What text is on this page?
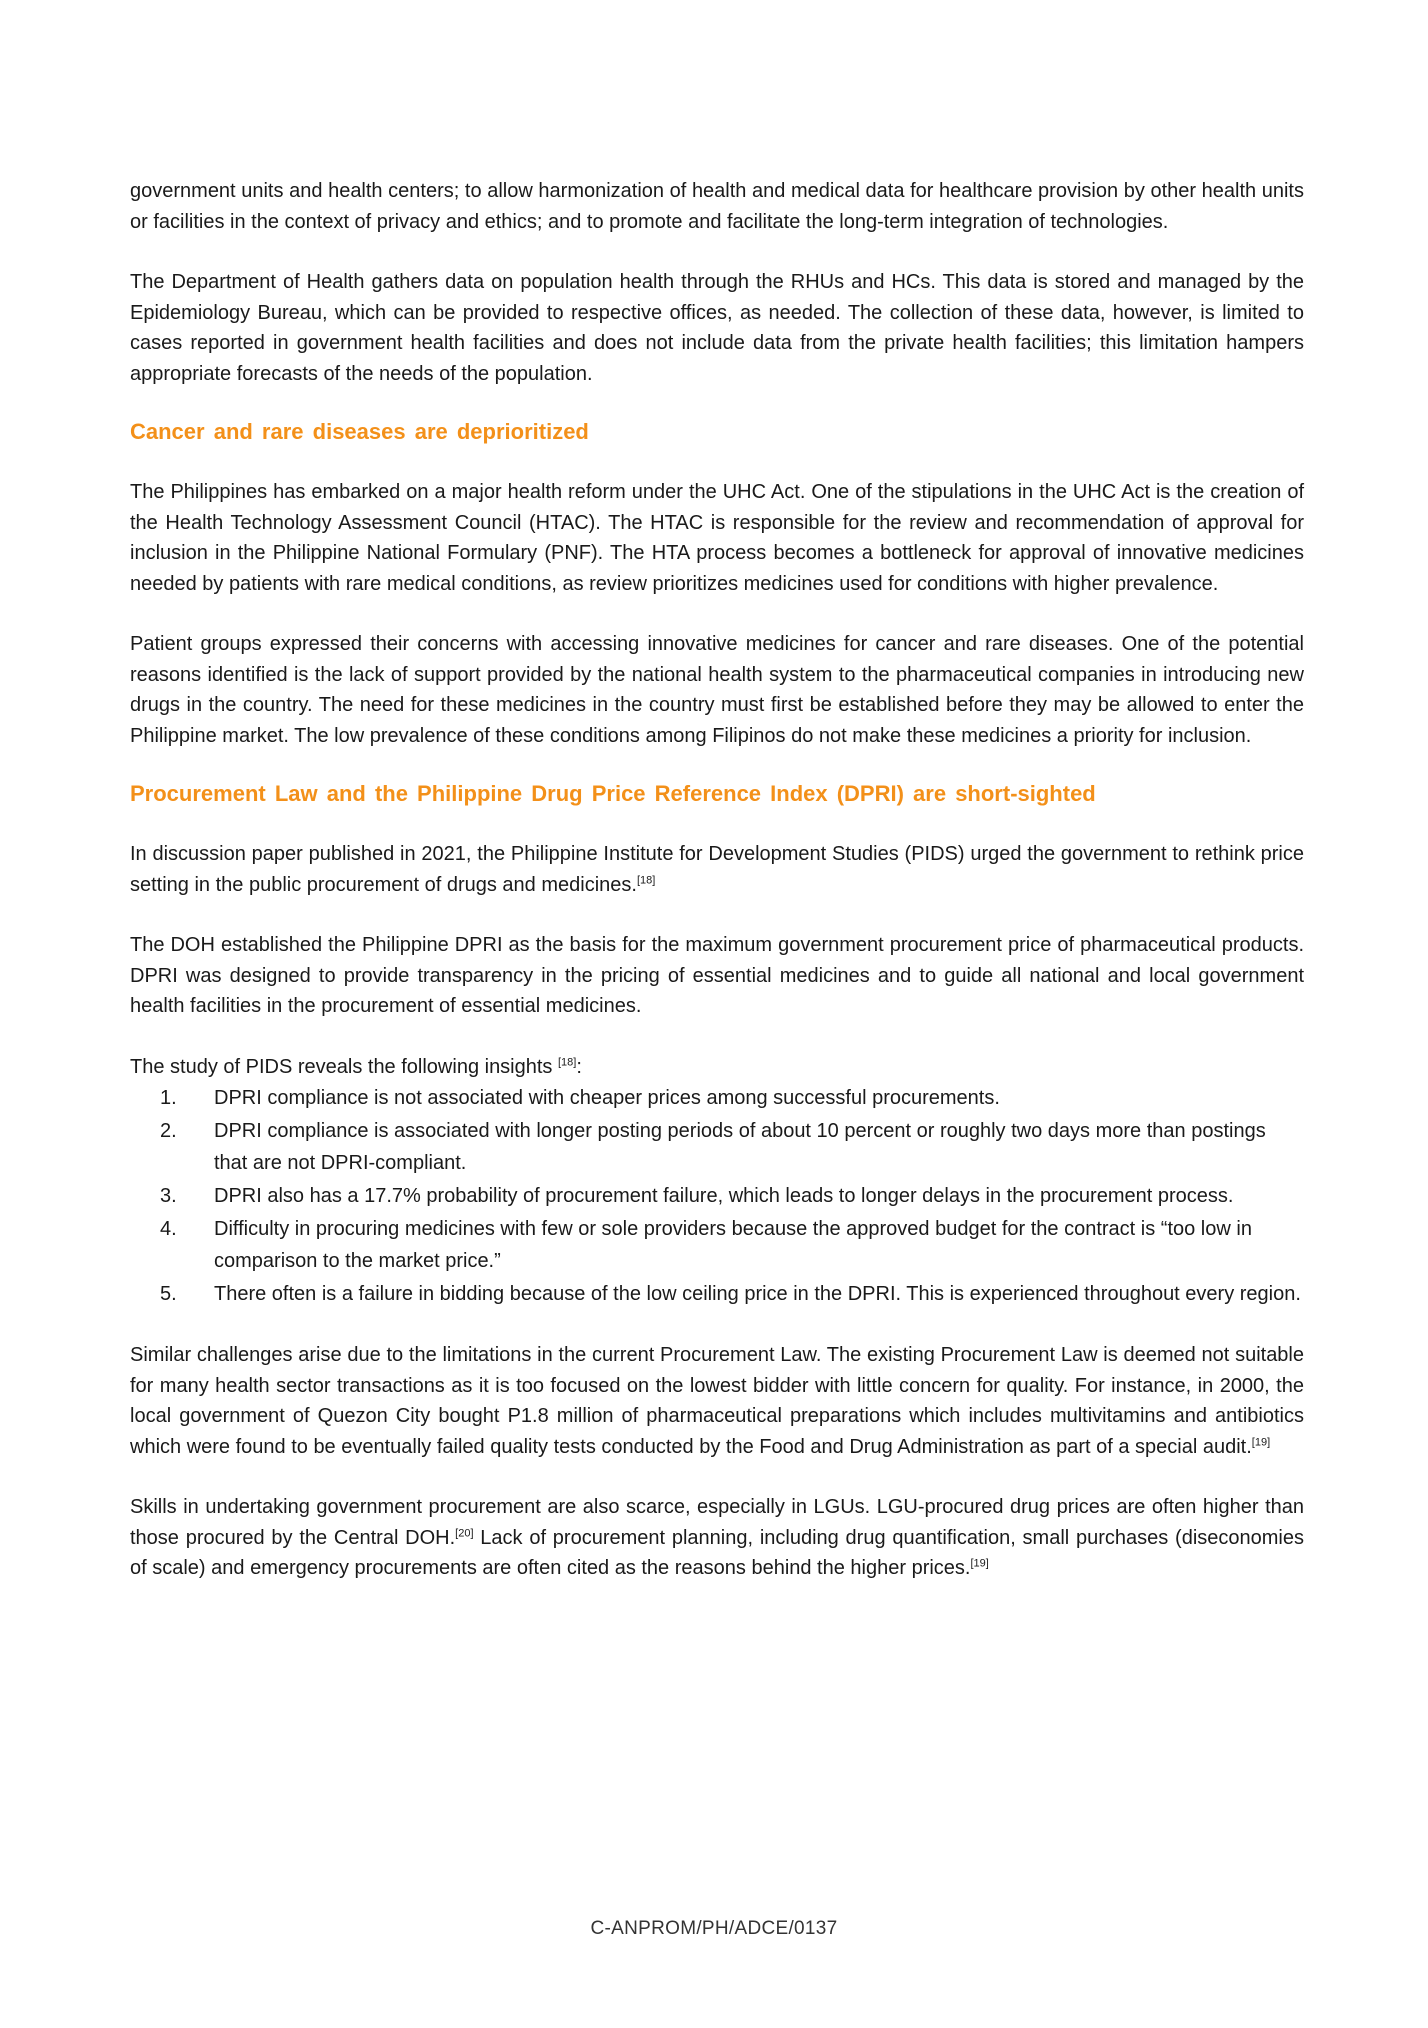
government units and health centers; to allow harmonization of health and medical data for healthcare provision by other health units or facilities in the context of privacy and ethics; and to promote and facilitate the long-term integration of technologies.

The Department of Health gathers data on population health through the RHUs and HCs. This data is stored and managed by the Epidemiology Bureau, which can be provided to respective offices, as needed. The collection of these data, however, is limited to cases reported in government health facilities and does not include data from the private health facilities; this limitation hampers appropriate forecasts of the needs of the population.

Cancer and rare diseases are deprioritized

The Philippines has embarked on a major health reform under the UHC Act. One of the stipulations in the UHC Act is the creation of the Health Technology Assessment Council (HTAC). The HTAC is responsible for the review and recommendation of approval for inclusion in the Philippine National Formulary (PNF). The HTA process becomes a bottleneck for approval of innovative medicines needed by patients with rare medical conditions, as review prioritizes medicines used for conditions with higher prevalence.

Patient groups expressed their concerns with accessing innovative medicines for cancer and rare diseases. One of the potential reasons identified is the lack of support provided by the national health system to the pharmaceutical companies in introducing new drugs in the country. The need for these medicines in the country must first be established before they may be allowed to enter the Philippine market. The low prevalence of these conditions among Filipinos do not make these medicines a priority for inclusion.

Procurement Law and the Philippine Drug Price Reference Index (DPRI) are short-sighted

In discussion paper published in 2021, the Philippine Institute for Development Studies (PIDS) urged the government to rethink price setting in the public procurement of drugs and medicines.[18]

The DOH established the Philippine DPRI as the basis for the maximum government procurement price of pharmaceutical products. DPRI was designed to provide transparency in the pricing of essential medicines and to guide all national and local government health facilities in the procurement of essential medicines.

The study of PIDS reveals the following insights [18]:

1. DPRI compliance is not associated with cheaper prices among successful procurements.
2. DPRI compliance is associated with longer posting periods of about 10 percent or roughly two days more than postings that are not DPRI-compliant.
3. DPRI also has a 17.7% probability of procurement failure, which leads to longer delays in the procurement process.
4. Difficulty in procuring medicines with few or sole providers because the approved budget for the contract is “too low in comparison to the market price.”
5. There often is a failure in bidding because of the low ceiling price in the DPRI. This is experienced throughout every region.

Similar challenges arise due to the limitations in the current Procurement Law. The existing Procurement Law is deemed not suitable for many health sector transactions as it is too focused on the lowest bidder with little concern for quality. For instance, in 2000, the local government of Quezon City bought P1.8 million of pharmaceutical preparations which includes multivitamins and antibiotics which were found to be eventually failed quality tests conducted by the Food and Drug Administration as part of a special audit.[19]

Skills in undertaking government procurement are also scarce, especially in LGUs. LGU-procured drug prices are often higher than those procured by the Central DOH.[20] Lack of procurement planning, including drug quantification, small purchases (diseconomies of scale) and emergency procurements are often cited as the reasons behind the higher prices.[19]

C-ANPROM/PH/ADCE/0137
